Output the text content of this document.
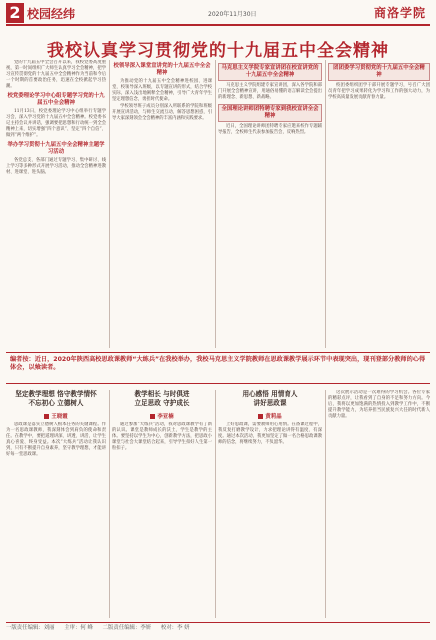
2 校园经纬	2020年11月30日	商洛学院
我校认真学习贯彻党的十九届五中全会精神

党的十九届五中全会召开以来，我校党委高度重视，第一时间组织广大师生认真学习全会精神，把学习宣传贯彻党的十九届五中全会精神作为当前和今后一个时期的首要政治任务，迅速在全校掀起学习热潮。

校党委理论学习中心组专题学习党的十九届五中全会精神

11月13日，校党委理论学习中心组举行专题学习会，深入学习党的十九届五中全会精神。校党委书记主持会议并讲话，强调要把思想和行动统一到全会精神上来，切实增强“四个意识”、坚定“四个自信”、做到“两个维护”。

举办学习贯彻十九届五中全会精神主题学习活动

各党总支、各部门通过专题学习、集中研讨、线上学习等多种形式开展学习活动，推动全会精神进教材、进课堂、进头脑。

校领导深入课堂宣讲党的十九届五中全会精神

为推动党的十九届五中全会精神进校园、进课堂，校领导深入班级，以专题宣讲的形式，结合学校实际，深入浅出地阐释全会精神，引导广大青年学生坚定理想信念，勇担时代使命。

学校领导班子成员分别深入所联系的学院和班级开展宣讲活动，与师生交流互动，解答思想困惑，引导大家深刻领会全会精神的丰富内涵和实践要求。

马克思主义学院专家宣讲团在校宣讲党的十九届五中全会精神

马克思主义学院组建专家宣讲团，深入各学院和部门开展全会精神宣讲，用通俗易懂的语言解读全会提出的新理念、新思想、新战略。

全国理论讲师团特聘专家到我校宣讲全会精神

近日，全国理论讲师团特聘专家应邀来校作专题辅导报告，全校师生代表参加报告会，反响热烈。

团团委学习贯彻党的十九届五中全会精神

校团委组织团学干部开展专题学习，号召广大团员青年把学习成果转化为学习和工作的强大动力，为学校高质量发展贡献青春力量。

编者按：近日，2020年陕西高校思政课教师“大练兵”在我校举办，我校马克思主义学院教师在思政课教学展示环节中表现突出，现刊登部分教师的心得体会，以飨读者。
坚定教学理想 恪守教学情怀
不忘初心 立德树人
王晓霞

思政课是落实立德树人根本任务的关键课程。作为一名思政课教师，我深刻体会到肩负的使命和责任。在教学中，要把道理讲深、讲透、讲活，让学生真心喜爱、终身受益。本次“大练兵”活动让我认识到，只有不断提升自身素养，坚守教学理想，才能讲好每一堂思政课。

教学相长 与时俱进
立足思政 守护成长
李亚楠

通过参加“大练兵”活动，我对思政课教学有了新的认识。课堂是教师成长的沃土，学生是教学的主体。要坚持以学生为中心，创新教学方法，把思政小课堂与社会大课堂结合起来，引导学生扣好人生第一粒扣子。

用心感悟 用情育人
讲好思政课
黄莉晶

上好思政课，需要教师用心用情。在备课过程中，我反复打磨教学设计，力求把理论讲得有温度、有深度。通过本次活动，我更加坚定了做一名合格思政课教师的信念，将继续努力，不负韶华。

这次展示活动是一次难得的学习机会。各位专家的精彩点评，让我看到了自身的不足和努力方向。今后，我将以更加饱满的热情投入到教学工作中，不断提升教学能力，为培养担当民族复兴大任的时代新人贡献力量。

一版责任编辑：刘丽 主审：何 峰 二版责任编辑：李妍 校对：李 妍
